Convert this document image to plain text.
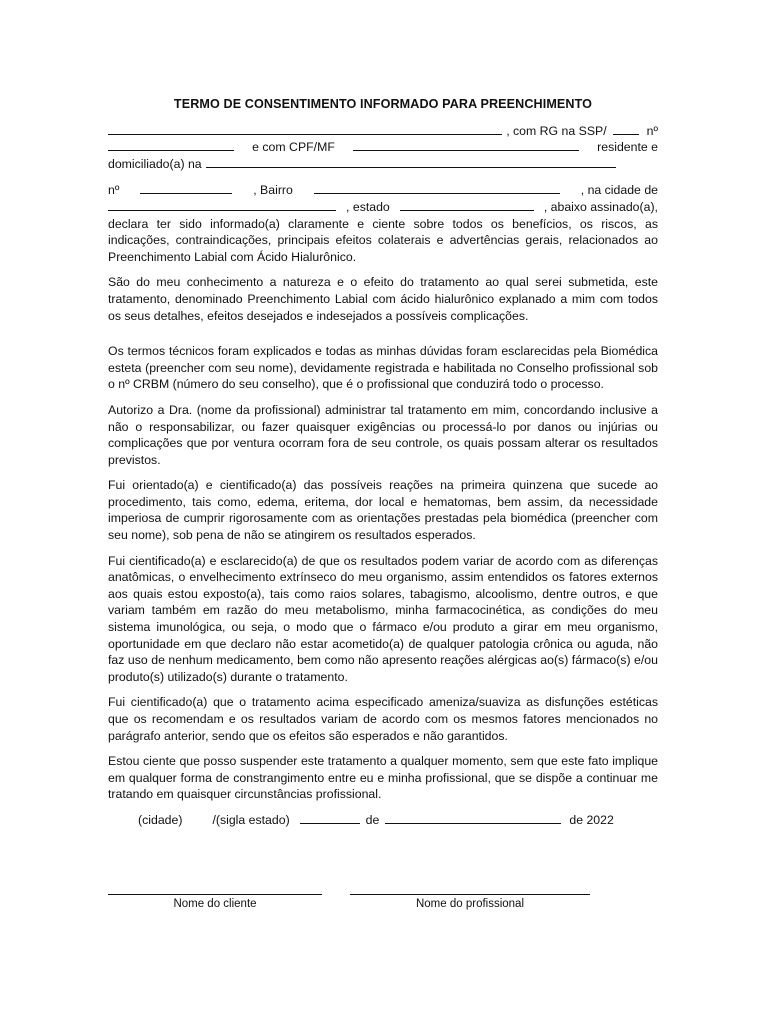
TERMO DE CONSENTIMENTO INFORMADO PARA PREENCHIMENTO
, com RG na SSP/	nº
e com CPF/MF	residente e
domiciliado(a) na
nº	, Bairro	, na cidade de
, estado	, abaixo assinado(a),
declara ter sido informado(a) claramente e ciente sobre todos os benefícios, os riscos, as indicações, contraindicações, principais efeitos colaterais e advertências gerais, relacionados ao Preenchimento Labial com Ácido Hialurônico.
São do meu conhecimento a natureza e o efeito do tratamento ao qual serei submetida, este tratamento, denominado Preenchimento Labial com ácido hialurônico explanado a mim com todos os seus detalhes, efeitos desejados e indesejados a possíveis complicações.
Os termos técnicos foram explicados e todas as minhas dúvidas foram esclarecidas pela Biomédica esteta (preencher com seu nome), devidamente registrada e habilitada no Conselho profissional sob o nº CRBM (número do seu conselho), que é o profissional que conduzirá todo o processo.
Autorizo a Dra. (nome da profissional) administrar tal tratamento em mim, concordando inclusive a não o responsabilizar, ou fazer quaisquer exigências ou processá-lo por danos ou injúrias ou complicações que por ventura ocorram fora de seu controle, os quais possam alterar os resultados previstos.
Fui orientado(a) e cientificado(a) das possíveis reações na primeira quinzena que sucede ao procedimento, tais como, edema, eritema, dor local e hematomas, bem assim, da necessidade imperiosa de cumprir rigorosamente com as orientações prestadas pela biomédica (preencher com seu nome), sob pena de não se atingirem os resultados esperados.
Fui cientificado(a) e esclarecido(a) de que os resultados podem variar de acordo com as diferenças anatômicas, o envelhecimento extrínseco do meu organismo, assim entendidos os fatores externos aos quais estou exposto(a), tais como raios solares, tabagismo, alcoolismo, dentre outros, e que variam também em razão do meu metabolismo, minha farmacocinética, as condições do meu sistema imunológica, ou seja, o modo que o fármaco e/ou produto a girar em meu organismo, oportunidade em que declaro não estar acometido(a) de qualquer patologia crônica ou aguda, não faz uso de nenhum medicamento, bem como não apresento reações alérgicas ao(s) fármaco(s) e/ou produto(s) utilizado(s) durante o tratamento.
Fui cientificado(a) que o tratamento acima especificado ameniza/suaviza as disfunções estéticas que os recomendam e os resultados variam de acordo com os mesmos fatores mencionados no parágrafo anterior, sendo que os efeitos são esperados e não garantidos.
Estou ciente que posso suspender este tratamento a qualquer momento, sem que este fato implique em qualquer forma de constrangimento entre eu e minha profissional, que se dispõe a continuar me tratando em quaisquer circunstâncias profissional.
(cidade) /(sigla estado)	de	de 2022
Nome do cliente	Nome do profissional
